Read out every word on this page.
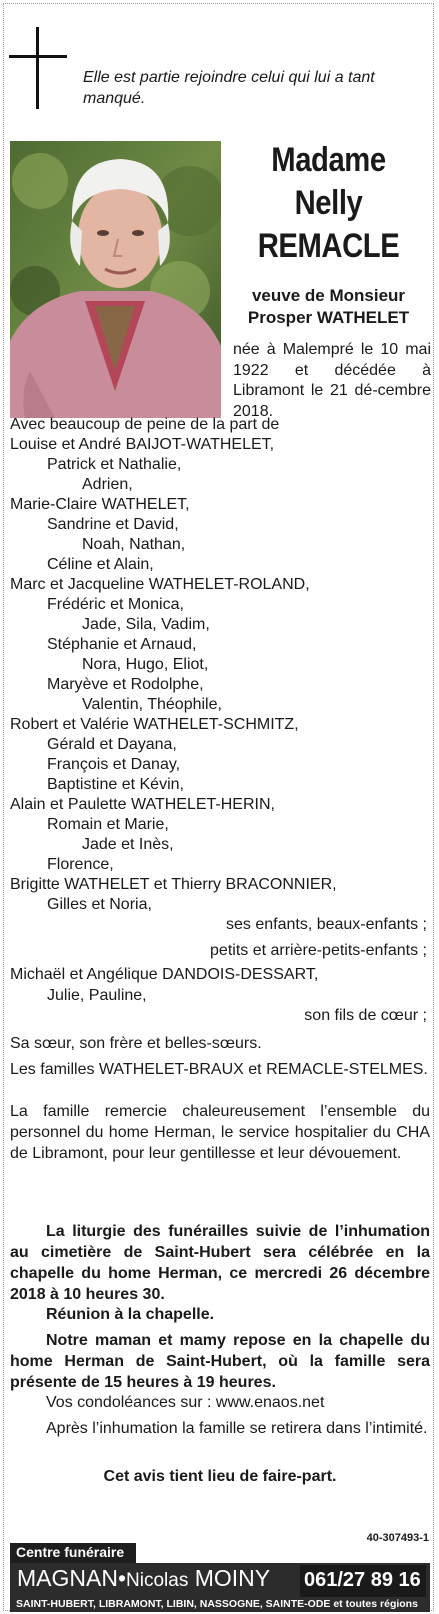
Elle est partie rejoindre celui qui lui a tant manqué.
Madame
Nelly
REMACLE
veuve de Monsieur
Prosper WATHELET
née à Malempré le 10 mai 1922 et décédée à Libramont le 21 dé-cembre 2018.
Avec beaucoup de peine de la part de
Louise et André BAIJOT-WATHELET,
Patrick et Nathalie,
Adrien,
Marie-Claire WATHELET,
Sandrine et David,
Noah, Nathan,
Céline et Alain,
Marc et Jacqueline WATHELET-ROLAND,
Frédéric et Monica,
Jade, Sila, Vadim,
Stéphanie et Arnaud,
Nora, Hugo, Eliot,
Maryève et Rodolphe,
Valentin, Théophile,
Robert et Valérie WATHELET-SCHMITZ,
Gérald et Dayana,
François et Danay,
Baptistine et Kévin,
Alain et Paulette WATHELET-HERIN,
Romain et Marie,
Jade et Inès,
Florence,
Brigitte WATHELET et Thierry BRACONNIER,
Gilles et Noria,
ses enfants, beaux-enfants ;
petits et arrière-petits-enfants ;
Michaël et Angélique DANDOIS-DESSART,
Julie, Pauline,
son fils de cœur ;
Sa sœur, son frère et belles-sœurs.
Les familles WATHELET-BRAUX et REMACLE-STELMES.
La famille remercie chaleureusement l’ensemble du personnel du home Herman, le service hospitalier du CHA de Libramont, pour leur gentillesse et leur dévouement.
La liturgie des funérailles suivie de l’inhumation au cimetière de Saint-Hubert sera célébrée en la chapelle du home Herman, ce mercredi 26 décembre 2018 à 10 heures 30.
Réunion à la chapelle.
Notre maman et mamy repose en la chapelle du home Herman de Saint-Hubert, où la famille sera présente de 15 heures à 19 heures.
Vos condoléances sur : www.enaos.net
Après l’inhumation la famille se retirera dans l’intimité.
Cet avis tient lieu de faire-part.
40-307493-1
Centre funéraire
MAGNAN•Nicolas MOINY 061/27 89 16
SAINT-HUBERT, LIBRAMONT, LIBIN, NASSOGNE, SAINTE-ODE et toutes régions
